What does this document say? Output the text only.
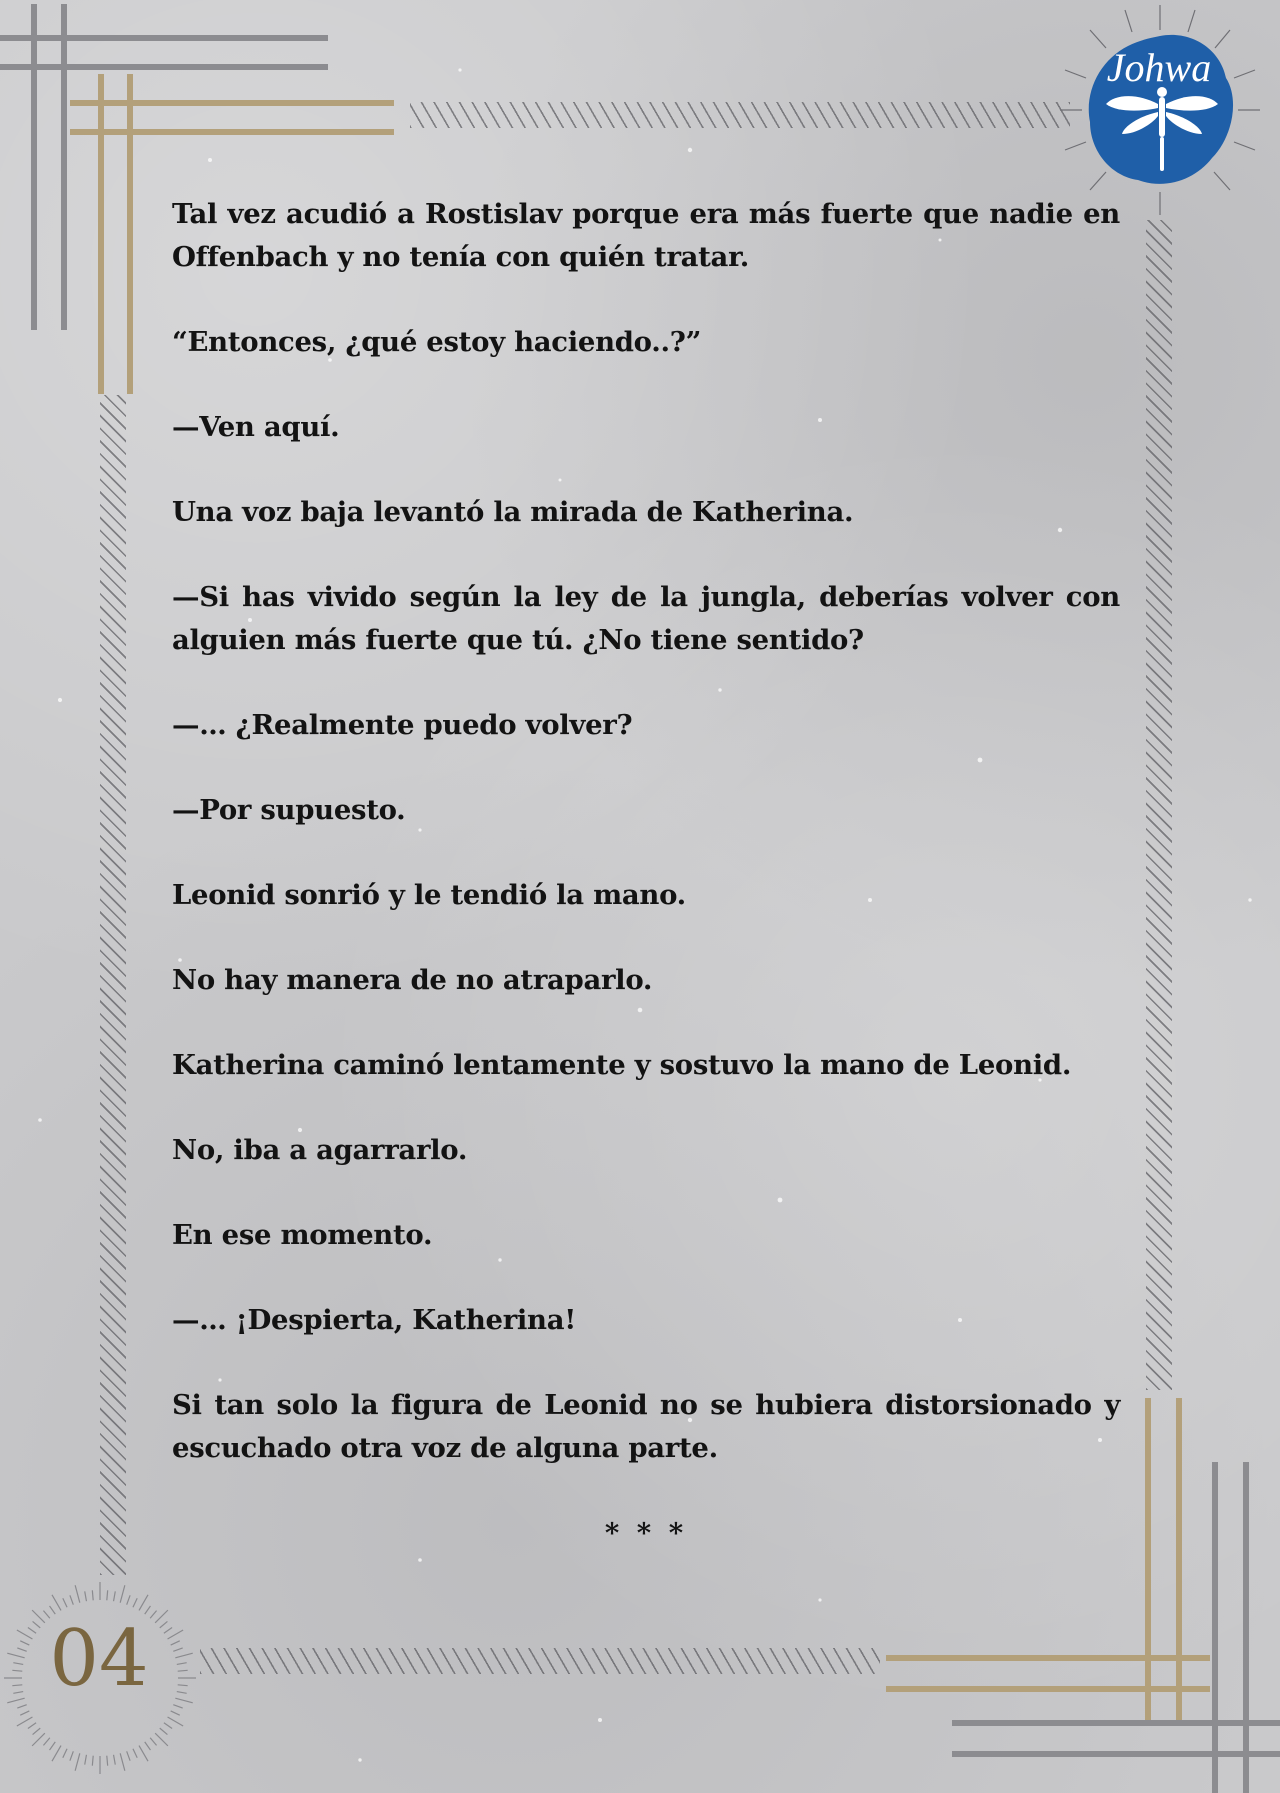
Johwa

Tal vez acudió a Rostislav porque era más fuerte que nadie en Offenbach y no tenía con quién tratar.

“Entonces, ¿qué estoy haciendo..?”

—Ven aquí.

Una voz baja levantó la mirada de Katherina.

—Si has vivido según la ley de la jungla, deberías volver con alguien más fuerte que tú. ¿No tiene sentido?

—… ¿Realmente puedo volver?

—Por supuesto.

Leonid sonrió y le tendió la mano.

No hay manera de no atraparlo.

Katherina caminó lentamente y sostuvo la mano de Leonid.

No, iba a agarrarlo.

En ese momento.

—… ¡Despierta, Katherina!

Si tan solo la figura de Leonid no se hubiera distorsionado y escuchado otra voz de alguna parte.

* * *

04
